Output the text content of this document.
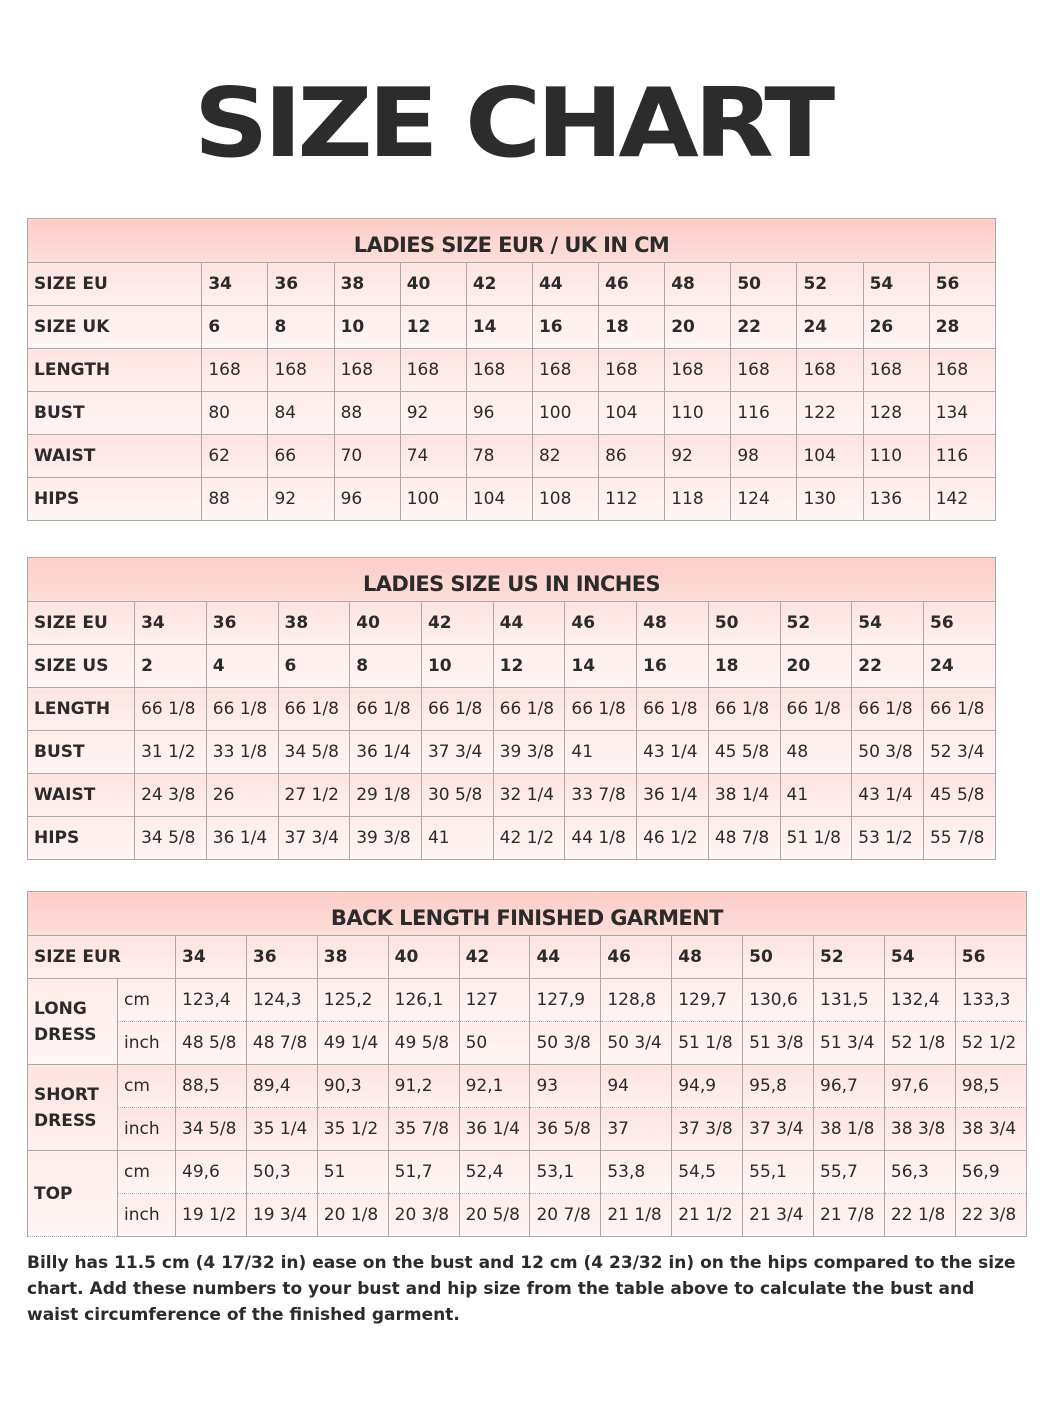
SIZE CHART
LADIES SIZE EUR / UK IN CM												
SIZE EU	34	36	38	40	42	44	46	48	50	52	54	56
SIZE UK	6	8	10	12	14	16	18	20	22	24	26	28
LENGTH	168	168	168	168	168	168	168	168	168	168	168	168
BUST	80	84	88	92	96	100	104	110	116	122	128	134
WAIST	62	66	70	74	78	82	86	92	98	104	110	116
HIPS	88	92	96	100	104	108	112	118	124	130	136	142
LADIES SIZE US IN INCHES												
SIZE EU	34	36	38	40	42	44	46	48	50	52	54	56
SIZE US	2	4	6	8	10	12	14	16	18	20	22	24
LENGTH	66 1/8	66 1/8	66 1/8	66 1/8	66 1/8	66 1/8	66 1/8	66 1/8	66 1/8	66 1/8	66 1/8	66 1/8
BUST	31 1/2	33 1/8	34 5/8	36 1/4	37 3/4	39 3/8	41	43 1/4	45 5/8	48	50 3/8	52 3/4
WAIST	24 3/8	26	27 1/2	29 1/8	30 5/8	32 1/4	33 7/8	36 1/4	38 1/4	41	43 1/4	45 5/8
HIPS	34 5/8	36 1/4	37 3/4	39 3/8	41	42 1/2	44 1/8	46 1/2	48 7/8	51 1/8	53 1/2	55 7/8
BACK LENGTH FINISHED GARMENT													
SIZE EUR		34	36	38	40	42	44	46	48	50	52	54	56

LONG
DRESS	cm	123,4	124,3	125,2	126,1	127	127,9	128,8	129,7	130,6	131,5	132,4	133,3
	inch	48 5/8	48 7/8	49 1/4	49 5/8	50	50 3/8	50 3/4	51 1/8	51 3/8	51 3/4	52 1/8	52 1/2

SHORT
DRESS	cm	88,5	89,4	90,3	91,2	92,1	93	94	94,9	95,8	96,7	97,6	98,5
	inch	34 5/8	35 1/4	35 1/2	35 7/8	36 1/4	36 5/8	37	37 3/8	37 3/4	38 1/8	38 3/8	38 3/4

TOP	cm	49,6	50,3	51	51,7	52,4	53,1	53,8	54,5	55,1	55,7	56,3	56,9
	inch	19 1/2	19 3/4	20 1/8	20 3/8	20 5/8	20 7/8	21 1/8	21 1/2	21 3/4	21 7/8	22 1/8	22 3/8
Billy has 11.5 cm (4 17/32 in) ease on the bust and 12 cm (4 23/32 in) on the hips compared to the size chart. Add these numbers to your bust and hip size from the table above to calculate the bust and waist circumference of the finished garment.
